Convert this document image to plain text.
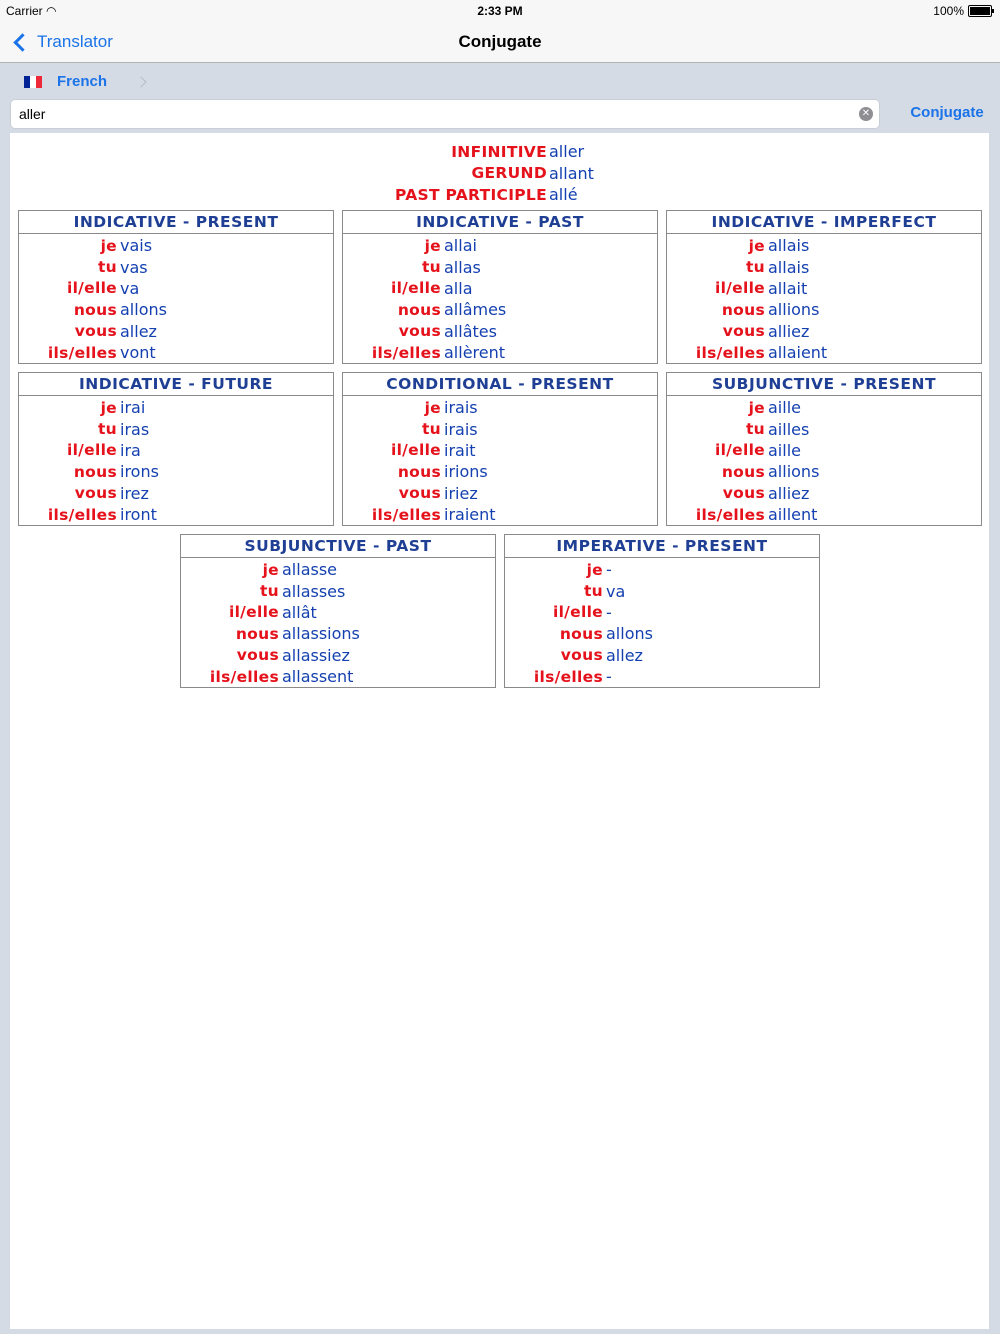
Carrier ◠	2:33 PM	100%
Translator	Conjugate
French
aller
✕	Conjugate
INFINITIVE aller
GERUND allant
PAST PARTICIPLE allé
INDICATIVE - PRESENT
je vais
tu vas
il/elle va
nous allons
vous allez
ils/elles vont
INDICATIVE - PAST
je allai
tu allas
il/elle alla
nous allâmes
vous allâtes
ils/elles allèrent
INDICATIVE - IMPERFECT
je allais
tu allais
il/elle allait
nous allions
vous alliez
ils/elles allaient
INDICATIVE - FUTURE
je irai
tu iras
il/elle ira
nous irons
vous irez
ils/elles iront
CONDITIONAL - PRESENT
je irais
tu irais
il/elle irait
nous irions
vous iriez
ils/elles iraient
SUBJUNCTIVE - PRESENT
je aille
tu ailles
il/elle aille
nous allions
vous alliez
ils/elles aillent
SUBJUNCTIVE - PAST
je allasse
tu allasses
il/elle allât
nous allassions
vous allassiez
ils/elles allassent
IMPERATIVE - PRESENT
je -
tu va
il/elle -
nous allons
vous allez
ils/elles -
